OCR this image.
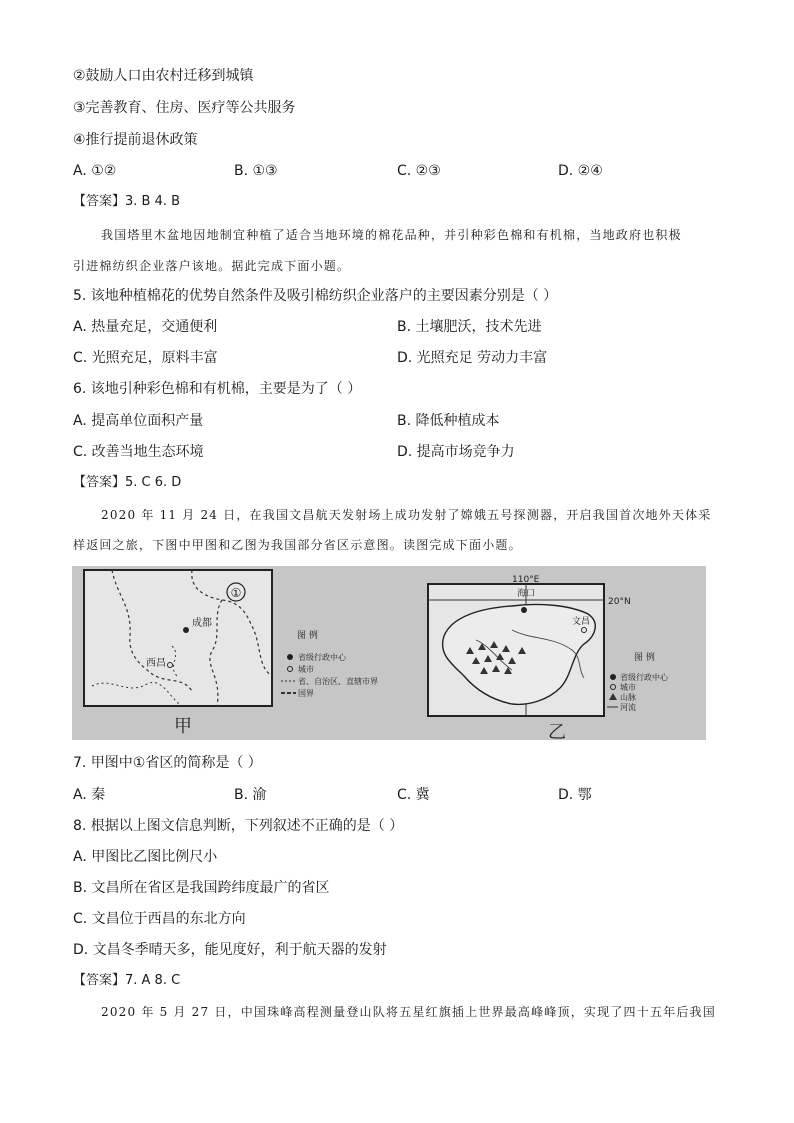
②鼓励人口由农村迁移到城镇
③完善教育、住房、医疗等公共服务
④推行提前退休政策
A. ①②	B. ①③	C. ②③	D. ②④
【答案】3. B 4. B
我国塔里木盆地因地制宜种植了适合当地环境的棉花品种，并引种彩色棉和有机棉，当地政府也积极
引进棉纺织企业落户该地。据此完成下面小题。
5. 该地种植棉花的优势自然条件及吸引棉纺织企业落户的主要因素分别是（ ）
A. 热量充足，交通便利	B. 土壤肥沃，技术先进
C. 光照充足，原料丰富	D. 光照充足 劳动力丰富
6. 该地引种彩色棉和有机棉，主要是为了（ ）
A. 提高单位面积产量	B. 降低种植成本
C. 改善当地生态环境	D. 提高市场竞争力
【答案】5. C 6. D
2020 年 11 月 24 日，在我国文昌航天发射场上成功发射了嫦娥五号探测器，开启我国首次地外天体采
样返回之旅，下图中甲图和乙图为我国部分省区示意图。读图完成下面小题。
①
成都
西昌
图 例
省级行政中心
城市
省、自治区、直辖市界
国界
甲
110°E
20°N
海口
文昌
图 例
省级行政中心
城市
山脉
河流
乙
7. 甲图中①省区的简称是（ ）
A. 秦	B. 渝	C. 冀	D. 鄂
8. 根据以上图文信息判断，下列叙述不正确的是（ ）
A. 甲图比乙图比例尺小
B. 文昌所在省区是我国跨纬度最广的省区
C. 文昌位于西昌的东北方向
D. 文昌冬季晴天多，能见度好，利于航天器的发射
【答案】7. A 8. C
2020 年 5 月 27 日，中国珠峰高程测量登山队将五星红旗插上世界最高峰峰顶，实现了四十五年后我国
